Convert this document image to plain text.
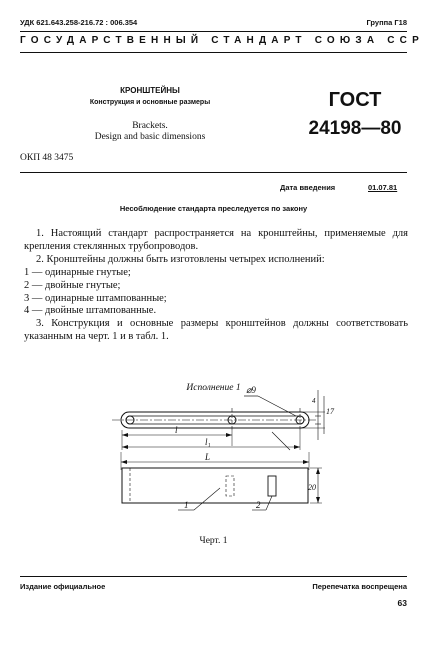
УДК 621.643.258-216.72 : 006.354	Группа Г18
ГОСУДАРСТВЕННЫЙ СТАНДАРТ СОЮЗА ССР
КРОНШТЕЙНЫ
Конструкция и основные размеры
Brackets.
Design and basic dimensions
ГОСТ
24198—80
ОКП 48 3475
Дата введения	01.07.81
Несоблюдение стандарта преследуется по закону

1. Настоящий стандарт распространяется на кронштейны, применяемые для крепления стеклянных трубопроводов.

2. Кронштейны должны быть изготовлены четырех исполнений:

1 — одинарные гнутые;

2 — двойные гнутые;

3 — одинарные штампованные;

4 — двойные штампованные.

3. Конструкция и основные размеры кронштейнов должны соответствовать указанным на черт. 1 и в табл. 1.

Исполнение 1 ⌀9
4
17
l
l₁
L
20
1	2
Черт. 1
Издание официальное	Перепечатка воспрещена
63
